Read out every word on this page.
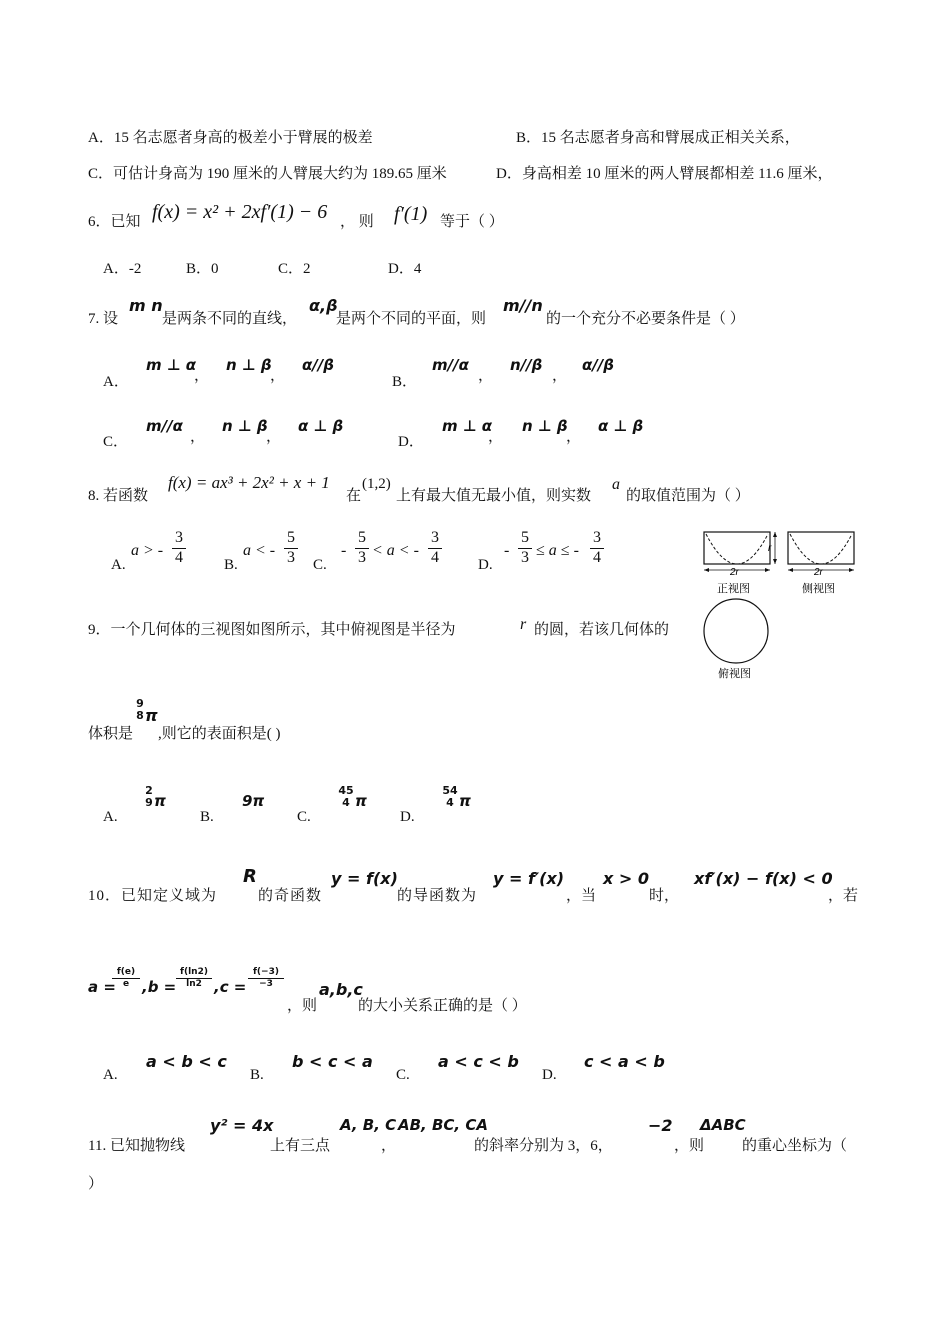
A．15 名志愿者身高的极差小于臂展的极差	B．15 名志愿者身高和臂展成正相关关系，
C．可估计身高为 190 厘米的人臂展大约为 189.65 厘米	D．身高相差 10 厘米的两人臂展都相差 11.6 厘米，
6．已知 f(x) = x² + 2xf′(1) − 6 ， 则 f′(1) 等于（ ）
A．-2	B．0	C．2	D．4
7. 设
m n
是两条不同的直线，
α,β
是两个不同的平面，则
m//n
的一个充分不必要条件是（ ）
A．
m ⊥ α
，
n ⊥ β
，
α//β
B．
m//α
，
n//β
，
α//β
C．
m//α
，
n ⊥ β
，
α ⊥ β
D．
m ⊥ α
，
n ⊥ β
，
α ⊥ β
8. 若函数
f(x) = ax³ + 2x² + x + 1
在
(1,2)
上有最大值无最小值，则实数
a
的取值范围为（ ）
A.
a > -
3
4	B.
a < -
5
3 C.
-
5
3 < a < -
3
4	D.
-
5
3 ≤ a ≤ -
3
4
2r
r
正视图
2r
侧视图
俯视图
9．一个几何体的三视图如图所示，其中俯视图是半径为	r 的圆，若该几何体的
体积是
9
8 π
,则它的表面积是( )
A.
2
9 π
B.
9π
C.
45
4 π
D.
54
4 π
10．已知定义域为
R
的奇函数
y = f(x)
的导函数为
y = f′(x)
，当
x > 0
时，
xf′(x) − f(x) < 0
，若
a =
f(e)
e ,b =
f(ln2)
ln2 ,c =
f(−3)
−3
，则
a,b,c
的大小关系正确的是（ ）
A.
a < b < c
B.
b < c < a
C.
a < c < b
D.
c < a < b
11. 已知抛物线
y² = 4x
上有三点
A, B, C
，
AB, BC, CA
的斜率分别为 3，6，
−2
，则
ΔABC
的重心坐标为（
）
